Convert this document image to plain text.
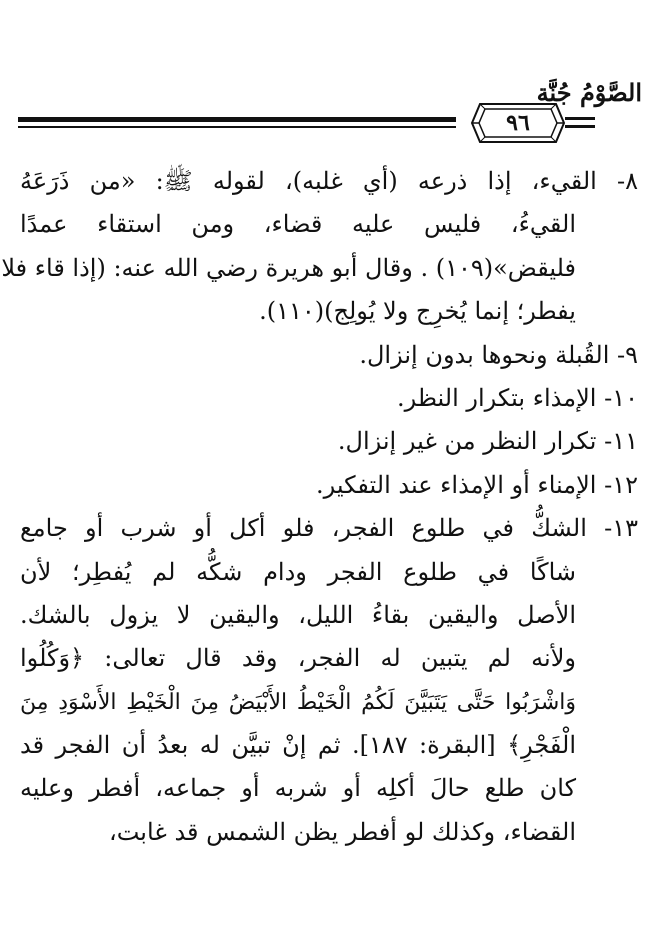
الصَّوْمُ جُنَّة
٩٦
٨- القيء، إذا ذرعه (أي غلبه)، لقوله ﷺ: «من ذَرَعَهُ
القيءُ، فليس عليه قضاء، ومن استقاء عمدًا
فليقض»(١٠٩) . وقال أبو هريرة رضي الله عنه: (إذا قاء فلا
يفطر؛ إنما يُخرِج ولا يُولِج)(١١٠).
٩- القُبلة ونحوها بدون إنزال.
١٠- الإمذاء بتكرار النظر.
١١- تكرار النظر من غير إنزال.
١٢- الإمناء أو الإمذاء عند التفكير.
١٣- الشكُّ في طلوع الفجر، فلو أكل أو شرب أو جامع
شاكًا في طلوع الفجر ودام شكُّه لم يُفطِر؛ لأن
الأصل واليقين بقاءُ الليل، واليقين لا يزول بالشك.
ولأنه لم يتبين له الفجر، وقد قال تعالى: ﴿وَكُلُوا
وَاشْرَبُوا حَتَّى يَتَبَيَّنَ لَكُمُ الْخَيْطُ الأَبْيَضُ مِنَ الْخَيْطِ الأَسْوَدِ مِنَ
الْفَجْرِ﴾ [البقرة: ١٨٧]. ثم إنْ تبيَّن له بعدُ أن الفجر قد
كان طلع حالَ أكلِه أو شربه أو جماعه، أفطر وعليه
القضاء، وكذلك لو أفطر يظن الشمس قد غابت،
